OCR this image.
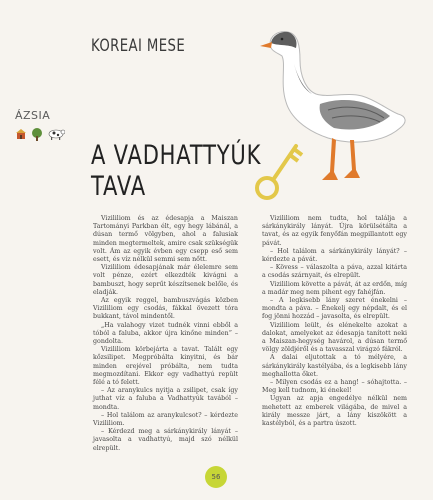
KOREAI MESE
ÁZSIA
A VADHATTYÚK
TAVA

Vizililiom és az édesapja a Maiszan Tartományi Parkban élt, egy hegy lábánál, a dúsan termő völgyben, ahol a falusiak minden megtermeltek, amire csak szükségük volt. Ám az egyik évben egy csepp eső sem esett, és víz nélkül semmi sem nőtt.

Vizililiom édesapjának már élelemre sem volt pénze, ezért elkezdték kivágni a bambuszt, hogy seprűt készítsenek belőle, és eladják.

Az egyik reggel, bambuszvágás közben Vizililiom egy csodás, fákkal övezett tóra bukkant, távol mindentől.

„Ha valahogy vizet tudnék vinni ebből a tóból a faluba, akkor újra kinőne minden” – gondolta.

Vizililiom körbejárta a tavat. Talált egy kőzsilipet. Megpróbálta kinyitni, és bár minden erejével próbálta, nem tudta megmozdítani. Ekkor egy vadhattyú repült félé a tó felett.

– Az aranykulcs nyitja a zsilipet, csak így juthat víz a faluba a Vadhattyúk tavából – mondta.

– Hol találom az aranykulcsot? – kérdezte Vizililiom.

– Kérdezd meg a sárkánykirály lányát – javasolta a vadhattyú, majd szó nélkül elrepült.

Vizililiom nem tudta, hol találja a sárkánykirály lányát. Újra körülsétálta a tavat, és az egyik fenyőfán megpillantott egy pávát.

– Hol találom a sárkánykirály lányát? – kérdezte a pávát.

– Kövess – válaszolta a páva, azzal kitárta a csodás szárnyait, és elrepült.

Vizililiom követte a pávát, át az erdőn, míg a madár meg nem pihent egy fahéjfán.

– A legkisebb lány szeret énekelni – mondta a páva. – Énekelj egy népdalt, és el fog jönni hozzád – javasolta, és elrepült.

Vizililiom leült, és elénekelte azokat a dalokat, amelyeket az édesapja tanított neki a Maiszan-hegység havárol, a dúsan termő völgy zöldjéről és a tavasszal virágzó fákról.

A dalai eljutottak a tó mélyére, a sárkánykirály kastélyába, és a legkisebb lány meghallotta őket.

– Milyen csodás ez a hang! – sóhajtotta. – Meg kell tudnom, ki énekel!

Ugyan az apja engedélye nélkül nem mehetett az emberek világába, de mivel a király messze járt, a lány kiszökött a kastélyból, és a partra úszott.

56
